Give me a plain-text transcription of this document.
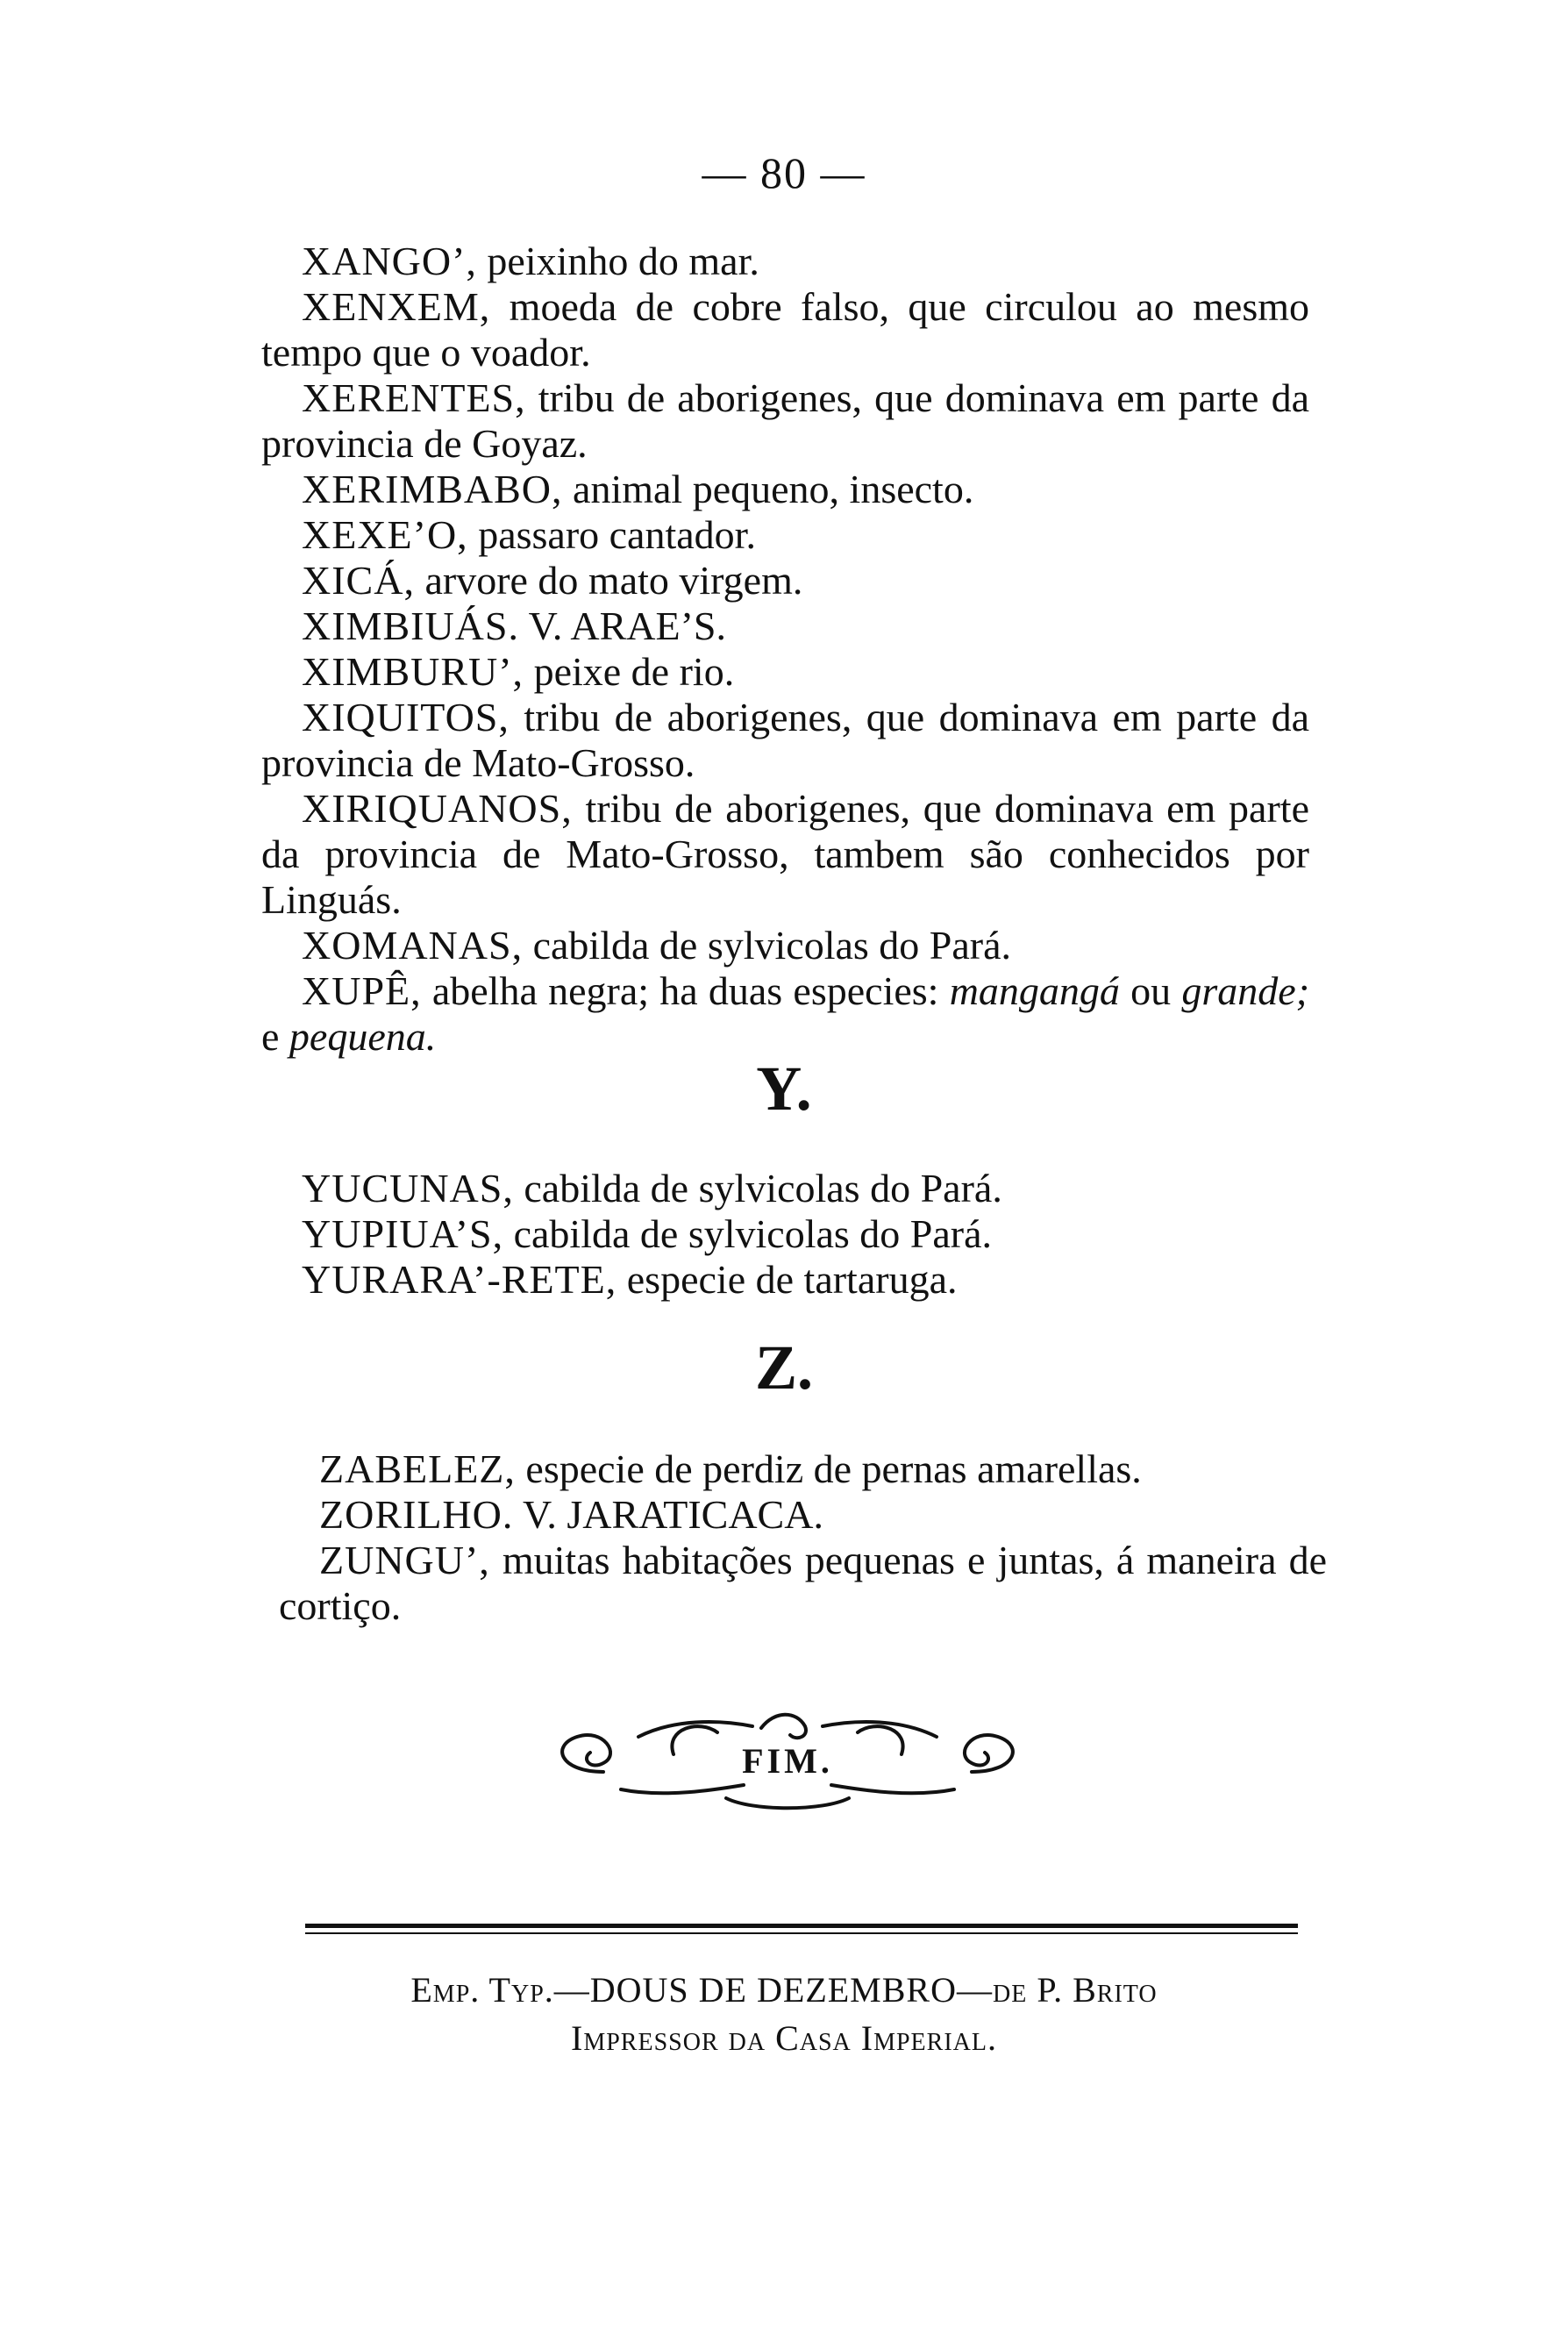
— 80 —

XANGO’, peixinho do mar.

XENXEM, moeda de cobre falso, que circulou ao mesmo tempo que o voador.

XERENTES, tribu de aborigenes, que dominava em parte da provincia de Goyaz.

XERIMBABO, animal pequeno, insecto.

XEXE’O, passaro cantador.

XICÁ, arvore do mato virgem.

XIMBIUÁS. V. ARAE’S.

XIMBURU’, peixe de rio.

XIQUITOS, tribu de aborigenes, que dominava em parte da provincia de Mato-Grosso.

XIRIQUANOS, tribu de aborigenes, que dominava em parte da provincia de Mato-Grosso, tambem são conhecidos por Linguás.

XOMANAS, cabilda de sylvicolas do Pará.

XUPÊ, abelha negra; ha duas especies: mangangá ou grande; e pequena.

Y.

YUCUNAS, cabilda de sylvicolas do Pará.

YUPIUA’S, cabilda de sylvicolas do Pará.

YURARA’-RETE, especie de tartaruga.

Z.

ZABELEZ, especie de perdiz de pernas amarellas.

ZORILHO. V. JARATICACA.

ZUNGU’, muitas habitações pequenas e juntas, á maneira de cortiço.

FIM.
Emp. Typ.—DOUS DE DEZEMBRO—de P. Brito
Impressor da Casa Imperial.
